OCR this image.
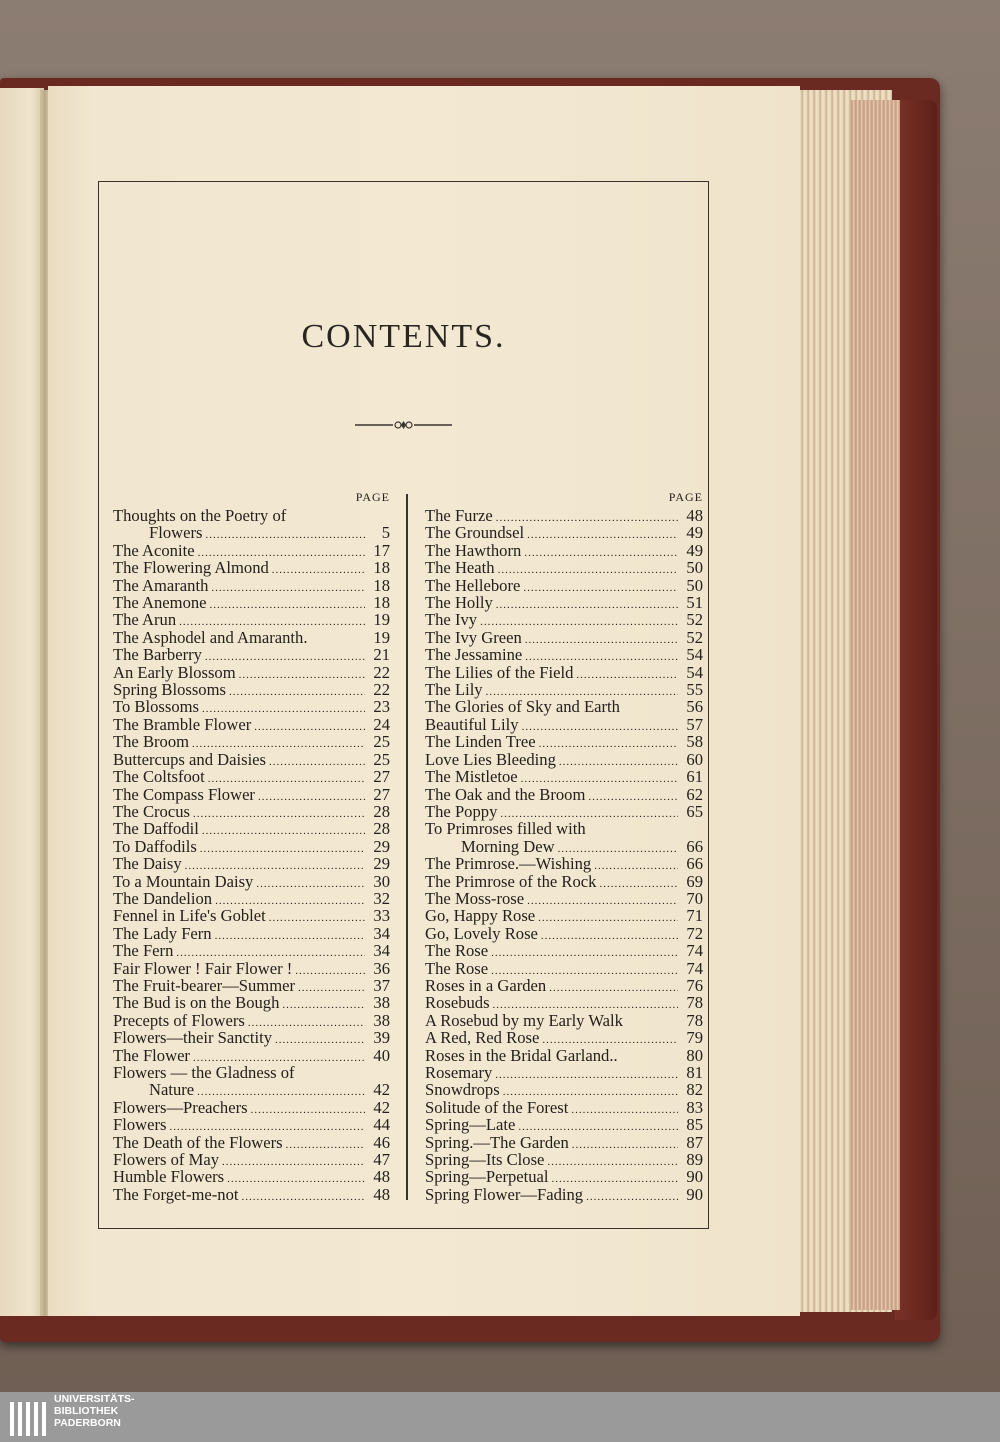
CONTENTS.
PAGE
Thoughts on the Poetry of
Flowers .....	5
The Aconite .....	17
The Flowering Almond .....	18
The Amaranth .....	18
The Anemone .....	18
The Arun .....	19
The Asphodel and Amaranth.	19
The Barberry .....	21
An Early Blossom .....	22
Spring Blossoms .....	22
To Blossoms .....	23
The Bramble Flower .....	24
The Broom .....	25
Buttercups and Daisies .....	25
The Coltsfoot .....	27
The Compass Flower .....	27
The Crocus .....	28
The Daffodil .....	28
To Daffodils .....	29
The Daisy .....	29
To a Mountain Daisy .....	30
The Dandelion .....	32
Fennel in Life's Goblet .....	33
The Lady Fern .....	34
The Fern .....	34
Fair Flower ! Fair Flower ! .....	36
The Fruit-bearer—Summer .....	37
The Bud is on the Bough .....	38
Precepts of Flowers .....	38
Flowers—their Sanctity .....	39
The Flower .....	40
Flowers — the Gladness of
Nature .....	42
Flowers—Preachers .....	42
Flowers .....	44
The Death of the Flowers .....	46
Flowers of May .....	47
Humble Flowers .....	48
The Forget-me-not .....	48
PAGE
The Furze .....	48
The Groundsel .....	49
The Hawthorn .....	49
The Heath .....	50
The Hellebore .....	50
The Holly .....	51
The Ivy .....	52
The Ivy Green .....	52
The Jessamine .....	54
The Lilies of the Field .....	54
The Lily .....	55
The Glories of Sky and Earth	56
Beautiful Lily .....	57
The Linden Tree .....	58
Love Lies Bleeding .....	60
The Mistletoe .....	61
The Oak and the Broom .....	62
The Poppy .....	65
To Primroses filled with
Morning Dew .....	66
The Primrose.—Wishing .....	66
The Primrose of the Rock .....	69
The Moss-rose .....	70
Go, Happy Rose .....	71
Go, Lovely Rose .....	72
The Rose .....	74
The Rose .....	74
Roses in a Garden .....	76
Rosebuds .....	78
A Rosebud by my Early Walk	78
A Red, Red Rose .....	79
Roses in the Bridal Garland..	80
Rosemary .....	81
Snowdrops .....	82
Solitude of the Forest .....	83
Spring—Late .....	85
Spring.—The Garden .....	87
Spring—Its Close .....	89
Spring—Perpetual .....	90
Spring Flower—Fading .....	90
UNIVERSITÄTS-
BIBLIOTHEK
PADERBORN
